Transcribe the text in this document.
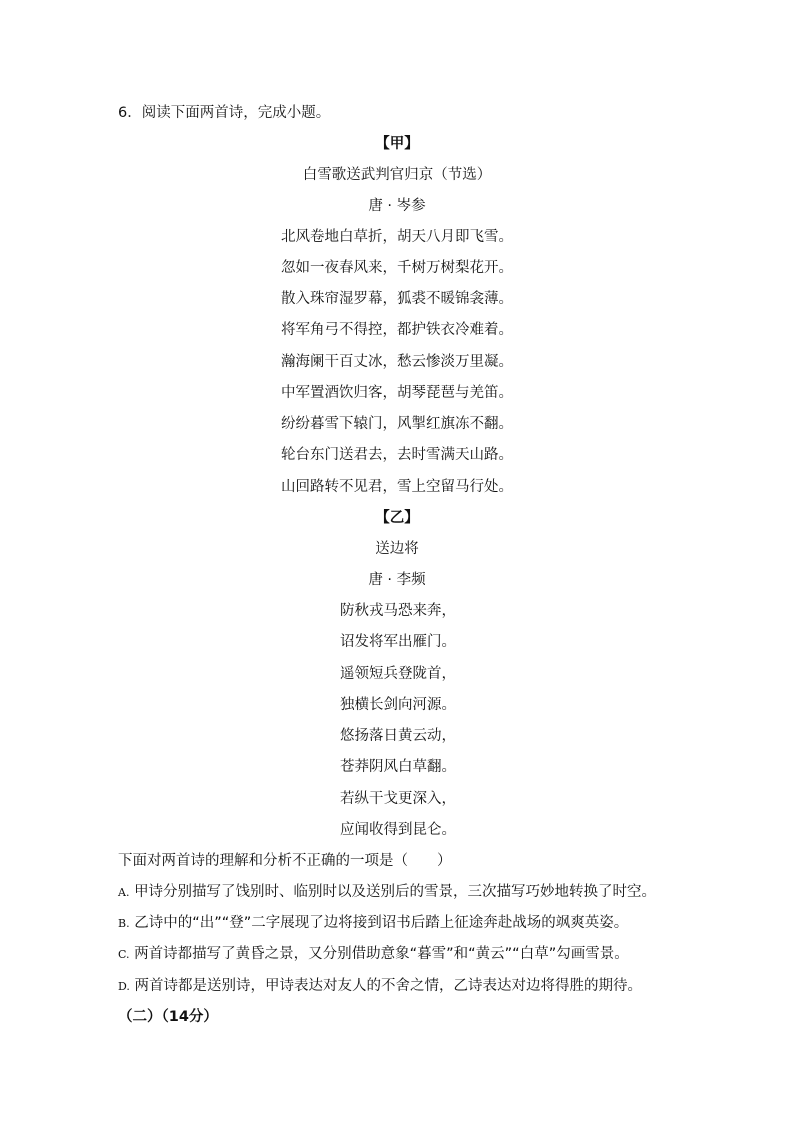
6．阅读下面两首诗，完成小题。
【甲】
白雪歌送武判官归京（节选）
唐 · 岑参
北风卷地白草折，胡天八月即飞雪。
忽如一夜春风来，千树万树梨花开。
散入珠帘湿罗幕，狐裘不暖锦衾薄。
将军角弓不得控，都护铁衣冷难着。
瀚海阑干百丈冰，愁云惨淡万里凝。
中军置酒饮归客，胡琴琵琶与羌笛。
纷纷暮雪下辕门，风掣红旗冻不翻。
轮台东门送君去，去时雪满天山路。
山回路转不见君，雪上空留马行处。
【乙】
送边将
唐 · 李频
防秋戎马恐来奔，
诏发将军出雁门。
遥领短兵登陇首，
独横长剑向河源。
悠扬落日黄云动，
苍莽阴风白草翻。
若纵干戈更深入，
应闻收得到昆仑。
下面对两首诗的理解和分析不正确的一项是（　　）
A. 甲诗分别描写了饯别时、临别时以及送别后的雪景，三次描写巧妙地转换了时空。
B. 乙诗中的“出”“登”二字展现了边将接到诏书后踏上征途奔赴战场的飒爽英姿。
C. 两首诗都描写了黄昏之景，又分别借助意象“暮雪”和“黄云”“白草”勾画雪景。
D. 两首诗都是送别诗，甲诗表达对友人的不舍之情，乙诗表达对边将得胜的期待。
（二）（14分）
